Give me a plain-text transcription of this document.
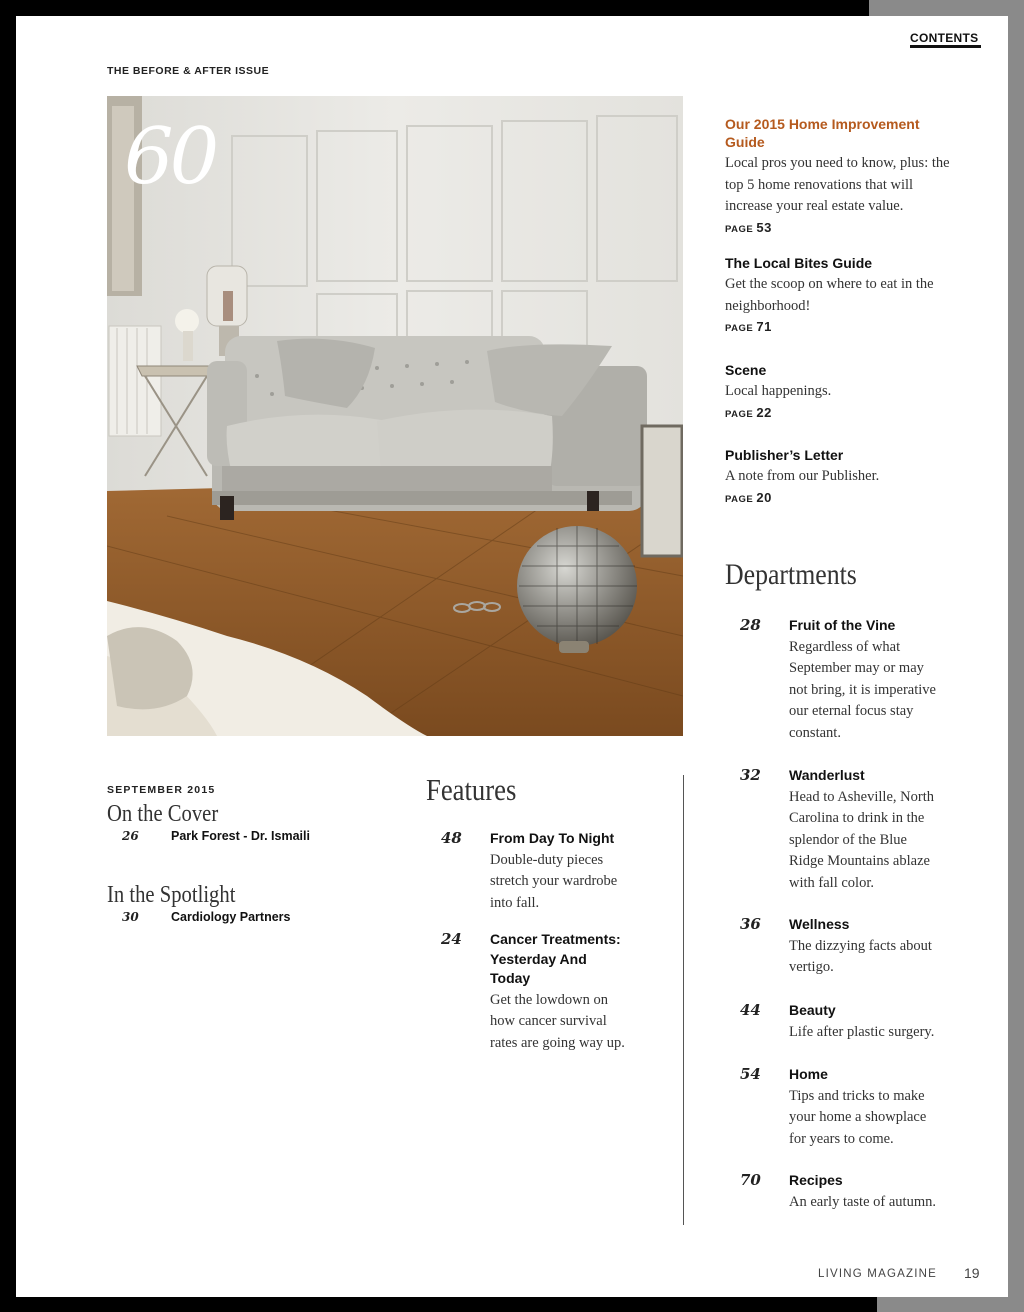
CONTENTS
THE BEFORE & AFTER ISSUE
60	Our 2015 Home Improvement Guide
Local pros you need to know, plus: the top 5 home renovations that will increase your real estate value.
PAGE 53
The Local Bites Guide
Get the scoop on where to eat in the neighborhood!
PAGE 71
Scene
Local happenings.
PAGE 22
Publisher’s Letter
A note from our Publisher.
PAGE 20
Departments
28 Fruit of the Vine
Regardless of what September may or may not bring, it is imperative our eternal focus stay constant.
32 Wanderlust
Head to Asheville, North Carolina to drink in the splendor of the Blue Ridge Mountains ablaze with fall color.
36 Wellness
The dizzying facts about vertigo.
44 Beauty
Life after plastic surgery.
54 Home
Tips and tricks to make your home a showplace for years to come.
70 Recipes
An early taste of autumn.
Features
48 From Day To Night
Double-duty pieces stretch your wardrobe into fall.
24 Cancer Treatments: Yesterday And Today
Get the lowdown on how cancer survival rates are going way up.
SEPTEMBER 2015
On the Cover
26	Park Forest - Dr. Ismaili
In the Spotlight
30	Cardiology Partners
LIVING MAGAZINE 19
